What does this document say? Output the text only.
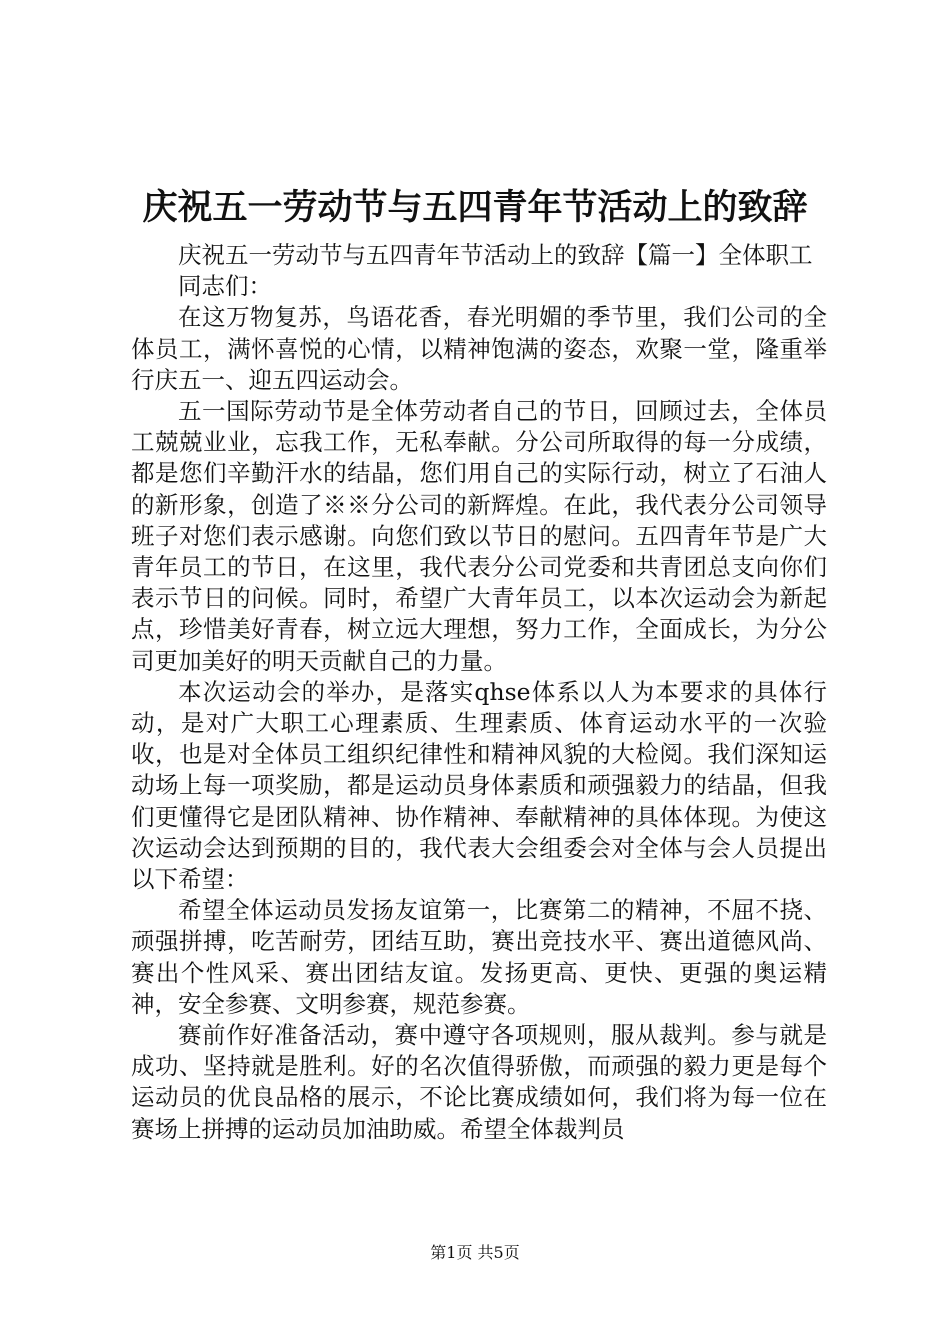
庆祝五一劳动节与五四青年节活动上的致辞

庆祝五一劳动节与五四青年节活动上的致辞【篇一】全体职工

同志们：

在这万物复苏，鸟语花香，春光明媚的季节里，我们公司的全体员工，满怀喜悦的心情，以精神饱满的姿态，欢聚一堂，隆重举行庆五一、迎五四运动会。

五一国际劳动节是全体劳动者自己的节日，回顾过去，全体员工兢兢业业，忘我工作，无私奉献。分公司所取得的每一分成绩，都是您们辛勤汗水的结晶，您们用自己的实际行动，树立了石油人的新形象，创造了※※分公司的新辉煌。在此，我代表分公司领导班子对您们表示感谢。向您们致以节日的慰问。五四青年节是广大青年员工的节日，在这里，我代表分公司党委和共青团总支向你们表示节日的问候。同时，希望广大青年员工，以本次运动会为新起点，珍惜美好青春，树立远大理想，努力工作，全面成长，为分公司更加美好的明天贡献自己的力量。

本次运动会的举办，是落实qhse体系以人为本要求的具体行动，是对广大职工心理素质、生理素质、体育运动水平的一次验收，也是对全体员工组织纪律性和精神风貌的大检阅。我们深知运动场上每一项奖励，都是运动员身体素质和顽强毅力的结晶，但我们更懂得它是团队精神、协作精神、奉献精神的具体体现。为使这次运动会达到预期的目的，我代表大会组委会对全体与会人员提出以下希望：

希望全体运动员发扬友谊第一，比赛第二的精神，不屈不挠、顽强拼搏，吃苦耐劳，团结互助，赛出竞技水平、赛出道德风尚、赛出个性风采、赛出团结友谊。发扬更高、更快、更强的奥运精神，安全参赛、文明参赛，规范参赛。

赛前作好准备活动，赛中遵守各项规则，服从裁判。参与就是成功、坚持就是胜利。好的名次值得骄傲，而顽强的毅力更是每个运动员的优良品格的展示，不论比赛成绩如何，我们将为每一位在赛场上拼搏的运动员加油助威。希望全体裁判员

第1页 共5页
